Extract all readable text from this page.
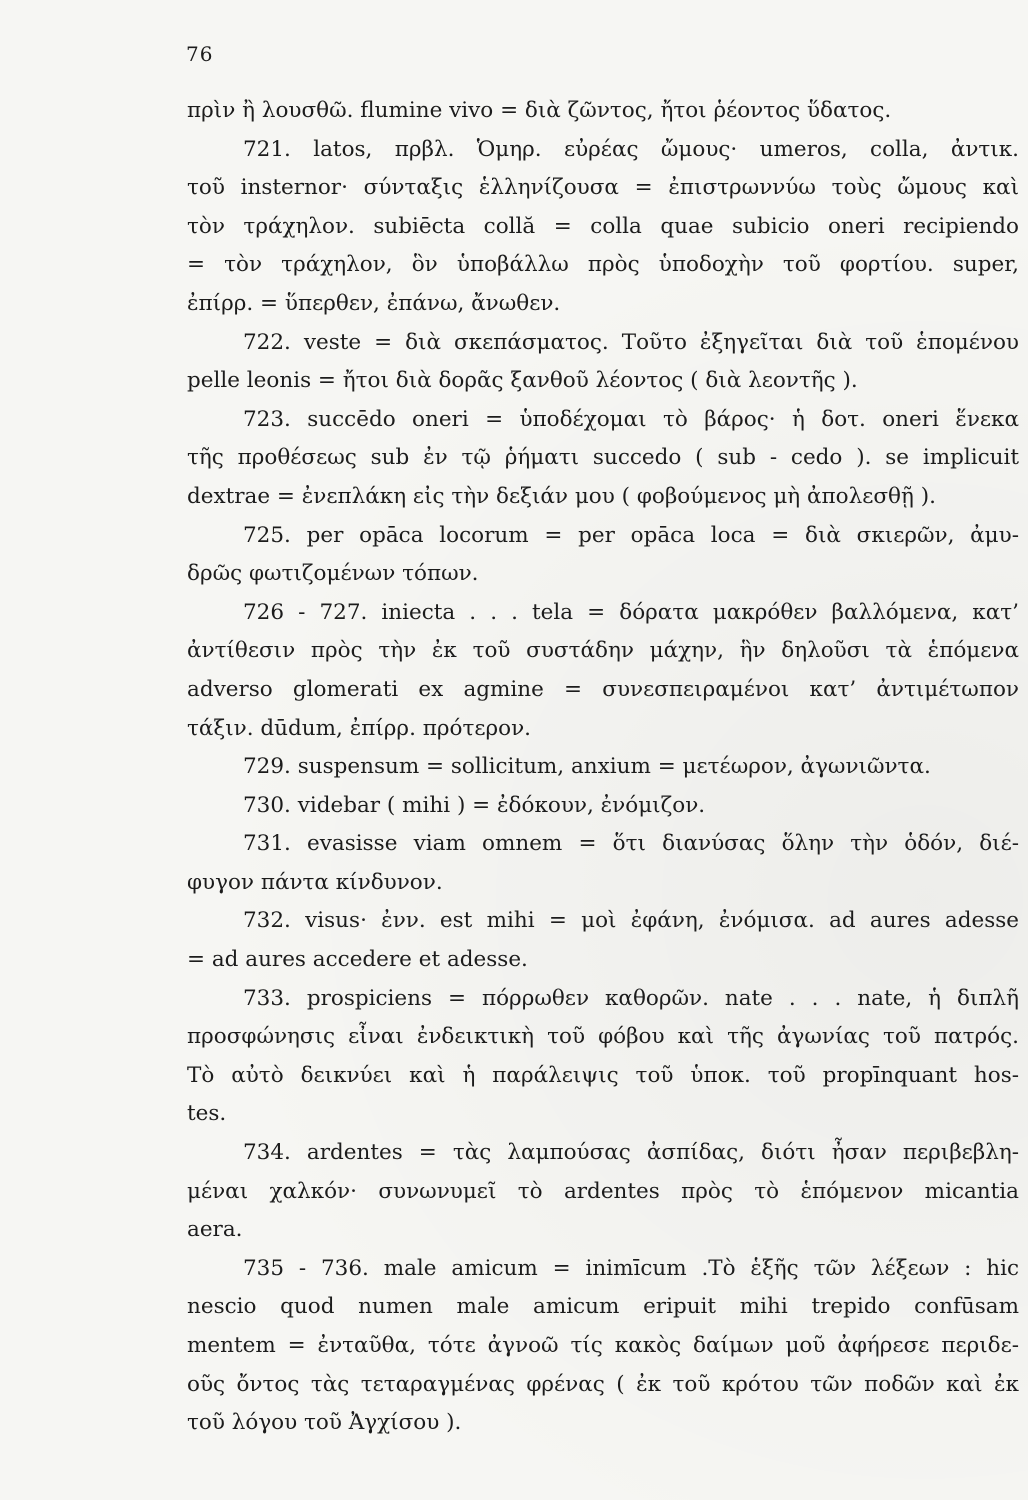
76
πρὶν ἢ λουσθῶ. flumine vivo = διὰ ζῶντος, ἤτοι ῥέοντος ὕδατος.
721. latos, πρβλ. Ὁμηρ. εὐρέας ὤμους· umeros, colla, ἀντικ.
τοῦ insternor· σύνταξις ἑλληνίζουσα = ἐπιστρωννύω τοὺς ὤμους καὶ
τὸν τράχηλον. subiēcta collă = colla quae subicio oneri recipiendo
= τὸν τράχηλον, ὃν ὑποβάλλω πρὸς ὑποδοχὴν τοῦ φορτίου. super,
ἐπίρρ. = ὕπερθεν, ἐπάνω, ἄνωθεν.
722. veste = διὰ σκεπάσματος. Τοῦτο ἐξηγεῖται διὰ τοῦ ἑπομένου
pelle leonis = ἤτοι διὰ δορᾶς ξανθοῦ λέοντος ( διὰ λεοντῆς ).
723. succēdo oneri = ὑποδέχομαι τὸ βάρος· ἡ δοτ. oneri ἕνεκα
τῆς προθέσεως sub ἐν τῷ ῥήματι succedo ( sub - cedo ). se implicuit
dextrae = ἐνεπλάκη εἰς τὴν δεξιάν μου ( φοβούμενος μὴ ἀπολεσθῇ ).
725. per opāca locorum = per opāca loca = διὰ σκιερῶν, ἀμυ-
δρῶς φωτιζομένων τόπων.
726 - 727. iniecta . . . tela = δόρατα μακρόθεν βαλλόμενα, κατ’
ἀντίθεσιν πρὸς τὴν ἐκ τοῦ συστάδην μάχην, ἣν δηλοῦσι τὰ ἑπόμενα
adverso glomerati ex agmine = συνεσπειραμένοι κατ’ ἀντιμέτωπον
τάξιν. dūdum, ἐπίρρ. πρότερον.
729. suspensum = sollicitum, anxium = μετέωρον, ἀγωνιῶντα.
730. videbar ( mihi ) = ἐδόκουν, ἐνόμιζον.
731. evasisse viam omnem = ὅτι διανύσας ὅλην τὴν ὁδόν, διέ-
φυγον πάντα κίνδυνον.
732. visus· ἐνν. est mihi = μοὶ ἐφάνη, ἐνόμισα. ad aures adesse
= ad aures accedere et adesse.
733. prospiciens = πόρρωθεν καθορῶν. nate . . . nate, ἡ διπλῆ
προσφώνησις εἶναι ἐνδεικτικὴ τοῦ φόβου καὶ τῆς ἀγωνίας τοῦ πατρός.
Τὸ αὐτὸ δεικνύει καὶ ἡ παράλειψις τοῦ ὑποκ. τοῦ propīnquant hos-
tes.
734. ardentes = τὰς λαμπούσας ἀσπίδας, διότι ἦσαν περιβεβλη-
μέναι χαλκόν· συνωνυμεῖ τὸ ardentes πρὸς τὸ ἑπόμενον micantia
aera.
735 - 736. male amicum = inimīcum .Τὸ ἑξῆς τῶν λέξεων : hic
nescio quod numen male amicum eripuit mihi trepido confūsam
mentem = ἐνταῦθα, τότε ἀγνοῶ τίς κακὸς δαίμων μοῦ ἀφήρεσε περιδε-
οῦς ὄντος τὰς τεταραγμένας φρένας ( ἐκ τοῦ κρότου τῶν ποδῶν καὶ ἐκ
τοῦ λόγου τοῦ Ἀγχίσου ).
